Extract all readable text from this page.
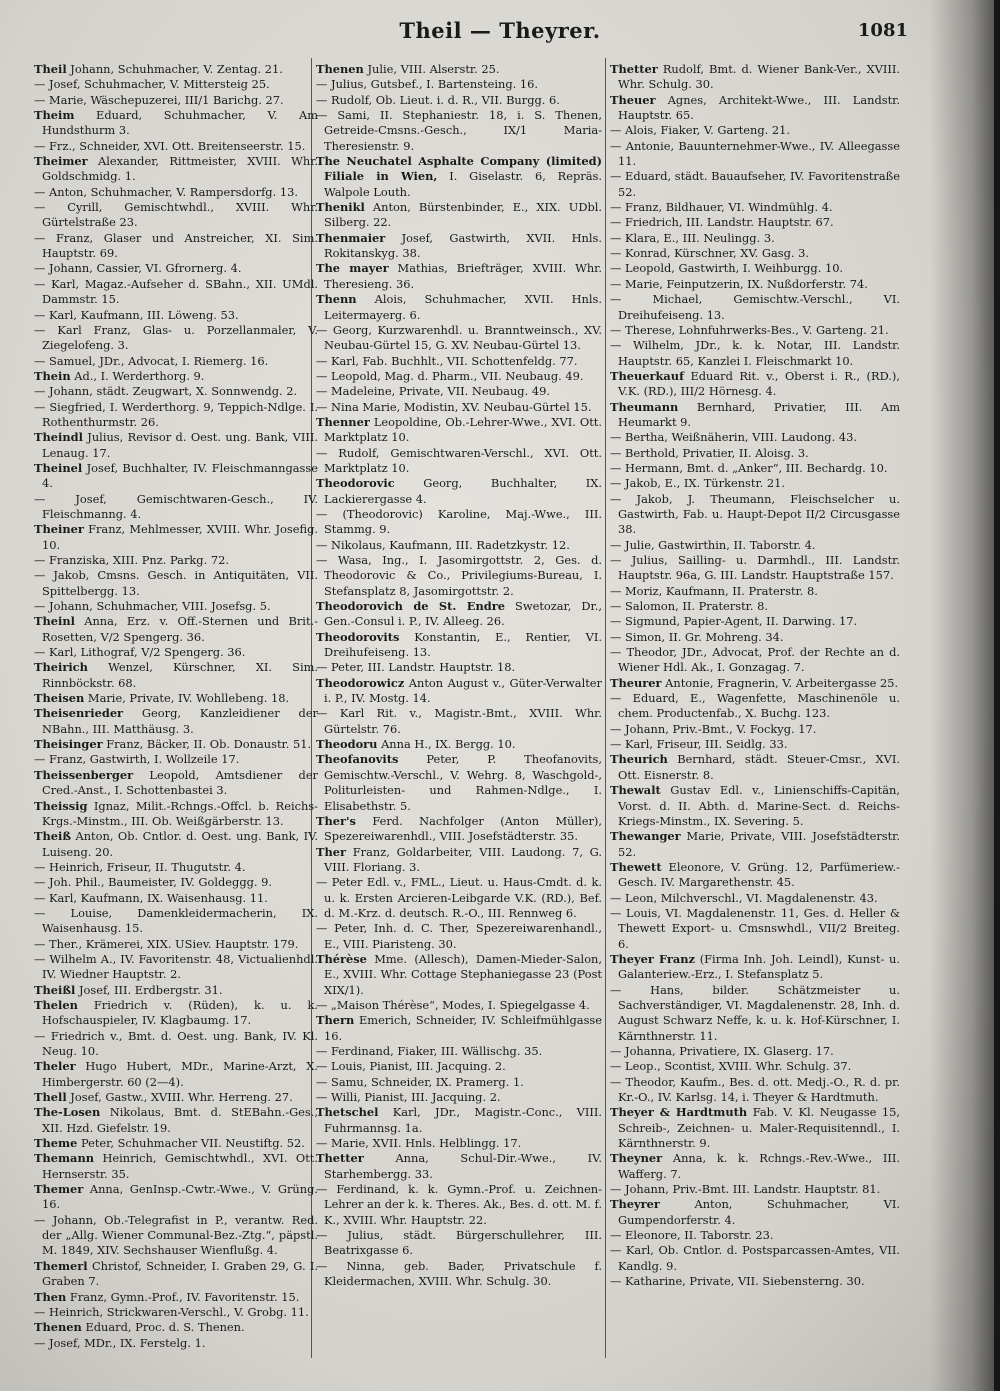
Theil — Theyrer.	1081

Theil Johann, Schuhmacher, V. Zentag. 21.

— Josef, Schuhmacher, V. Mittersteig 25.

— Marie, Wäschepuzerei, III/1 Barichg. 27.

Theim Eduard, Schuhmacher, V. Am Hundsthurm 3.

— Frz., Schneider, XVI. Ott. Breitenseerstr. 15.

Theimer Alexander, Rittmeister, XVIII. Whr. Goldschmidg. 1.

— Anton, Schuhmacher, V. Rampersdorfg. 13.

— Cyrill, Gemischtwhdl., XVIII. Whr. Gürtelstraße 23.

— Franz, Glaser und Anstreicher, XI. Sim. Hauptstr. 69.

— Johann, Cassier, VI. Gfrornerg. 4.

— Karl, Magaz.-Aufseher d. SBahn., XII. UMdl. Dammstr. 15.

— Karl, Kaufmann, III. Löweng. 53.

— Karl Franz, Glas- u. Porzellanmaler, V. Ziegelofeng. 3.

— Samuel, JDr., Advocat, I. Riemerg. 16.

Thein Ad., I. Werderthorg. 9.

— Johann, städt. Zeugwart, X. Sonnwendg. 2.

— Siegfried, I. Werderthorg. 9, Teppich-Ndlge. I. Rothenthurmstr. 26.

Theindl Julius, Revisor d. Oest. ung. Bank, VIII. Lenaug. 17.

Theinel Josef, Buchhalter, IV. Fleischmanngasse 4.

— Josef, Gemischtwaren-Gesch., IV. Fleischmanng. 4.

Theiner Franz, Mehlmesser, XVIII. Whr. Josefig. 10.

— Franziska, XIII. Pnz. Parkg. 72.

— Jakob, Cmsns. Gesch. in Antiquitäten, VII. Spittelbergg. 13.

— Johann, Schuhmacher, VIII. Josefsg. 5.

Theinl Anna, Erz. v. Off.-Sternen und Brit.-Rosetten, V/2 Spengerg. 36.

— Karl, Lithograf, V/2 Spengerg. 36.

Theirich Wenzel, Kürschner, XI. Sim. Rinnböckstr. 68.

Theisen Marie, Private, IV. Wohllebeng. 18.

Theisenrieder Georg, Kanzleidiener der NBahn., III. Matthäusg. 3.

Theisinger Franz, Bäcker, II. Ob. Donaustr. 51.

— Franz, Gastwirth, I. Wollzeile 17.

Theissenberger Leopold, Amtsdiener der Cred.-Anst., I. Schottenbastei 3.

Theissig Ignaz, Milit.-Rchngs.-Offcl. b. Reichs-Krgs.-Minstm., III. Ob. Weißgärberstr. 13.

Theiß Anton, Ob. Cntlor. d. Oest. ung. Bank, IV. Luiseng. 20.

— Heinrich, Friseur, II. Thugutstr. 4.

— Joh. Phil., Baumeister, IV. Goldeggg. 9.

— Karl, Kaufmann, IX. Waisenhausg. 11.

— Louise, Damenkleidermacherin, IX. Waisenhausg. 15.

— Ther., Krämerei, XIX. USiev. Hauptstr. 179.

— Wilhelm A., IV. Favoritenstr. 48, Victualienhdl. IV. Wiedner Hauptstr. 2.

Theißl Josef, III. Erdbergstr. 31.

Thelen Friedrich v. (Rüden), k. u. k. Hofschauspieler, IV. Klagbaumg. 17.

— Friedrich v., Bmt. d. Oest. ung. Bank, IV. Kl. Neug. 10.

Theler Hugo Hubert, MDr., Marine-Arzt, X. Himbergerstr. 60 (2—4).

Thell Josef, Gastw., XVIII. Whr. Herreng. 27.

The-Losen Nikolaus, Bmt. d. StEBahn.-Ges., XII. Hzd. Giefelstr. 19.

Theme Peter, Schuhmacher VII. Neustiftg. 52.

Themann Heinrich, Gemischtwhdl., XVI. Ott. Hernserstr. 35.

Themer Anna, GenInsp.-Cwtr.-Wwe., V. Grüng. 16.

— Johann, Ob.-Telegrafist in P., verantw. Red. der „Allg. Wiener Communal-Bez.-Ztg.“, päpstl. M. 1849, XIV. Sechshauser Wienflußg. 4.

Themerl Christof, Schneider, I. Graben 29, G. I. Graben 7.

Then Franz, Gymn.-Prof., IV. Favoritenstr. 15.

— Heinrich, Strickwaren-Verschl., V. Grobg. 11.

Thenen Eduard, Proc. d. S. Thenen.

— Josef, MDr., IX. Ferstelg. 1.

Thenen Julie, VIII. Alserstr. 25.

— Julius, Gutsbef., I. Bartensteing. 16.

— Rudolf, Ob. Lieut. i. d. R., VII. Burgg. 6.

— Sami, II. Stephaniestr. 18, i. S. Thenen, Getreide-Cmsns.-Gesch., IX/1 Maria-Theresienstr. 9.

The Neuchatel Asphalte Company (limited) Filiale in Wien, I. Giselastr. 6, Repräs. Walpole Louth.

Thenikl Anton, Bürstenbinder, E., XIX. UDbl. Silberg. 22.

Thenmaier Josef, Gastwirth, XVII. Hnls. Rokitanskyg. 38.

The mayer Mathias, Briefträger, XVIII. Whr. Theresieng. 36.

Thenn Alois, Schuhmacher, XVII. Hnls. Leitermayerg. 6.

— Georg, Kurzwarenhdl. u. Branntweinsch., XV. Neubau-Gürtel 15, G. XV. Neubau-Gürtel 13.

— Karl, Fab. Buchhlt., VII. Schottenfeldg. 77.

— Leopold, Mag. d. Pharm., VII. Neubaug. 49.

— Madeleine, Private, VII. Neubaug. 49.

— Nina Marie, Modistin, XV. Neubau-Gürtel 15.

Thenner Leopoldine, Ob.-Lehrer-Wwe., XVI. Ott. Marktplatz 10.

— Rudolf, Gemischtwaren-Verschl., XVI. Ott. Marktplatz 10.

Theodorovic	Georg, Buchhalter, IX. Lackierergasse 4.

— (Theodorovic) Karoline, Maj.-Wwe., III. Stammg. 9.

— Nikolaus, Kaufmann, III. Radetzkystr. 12.

— Wasa, Ing., I. Jasomirgottstr. 2, Ges. d. Theodorovic & Co., Privilegiums-Bureau, I. Stefansplatz 8, Jasomirgottstr. 2.

Theodorovich de St. Endre Swetozar, Dr., Gen.-Consul i. P., IV. Alleeg. 26.

Theodorovits Konstantin, E., Rentier, VI. Dreihufeiseng. 13.

— Peter, III. Landstr. Hauptstr. 18.

Theodorowicz Anton August v., Güter-Verwalter i. P., IV. Mostg. 14.

— Karl Rit. v., Magistr.-Bmt., XVIII. Whr. Gürtelstr. 76.

Theodoru Anna H., IX. Bergg. 10.

Theofanovits Peter, P. Theofanovits, Gemischtw.-Verschl., V. Wehrg. 8, Waschgold-, Politurleisten- und Rahmen-Ndlge., I. Elisabethstr. 5.

Ther's Ferd. Nachfolger (Anton Müller), Spezereiwarenhdl., VIII. Josefstädterstr. 35.

Ther Franz, Goldarbeiter, VIII. Laudong. 7, G. VIII. Floriang. 3.

— Peter Edl. v., FML., Lieut. u. Haus-Cmdt. d. k. u. k. Ersten Arcieren-Leibgarde V.K. (RD.), Bef. d. M.-Krz. d. deutsch. R.-O., III. Rennweg 6.

— Peter, Inh. d. C. Ther, Spezereiwarenhandl., E., VIII. Piaristeng. 30.

Thérèse Mme. (Allesch), Damen-Mieder-Salon, E., XVIII. Whr. Cottage Stephaniegasse 23 (Post XIX/1).

— „Maison Thérèse“, Modes, I. Spiegelgasse 4.

Thern Emerich, Schneider, IV. Schleifmühlgasse 16.

— Ferdinand, Fiaker, III. Wällischg. 35.

— Louis, Pianist, III. Jacquing. 2.

— Samu, Schneider, IX. Pramerg. 1.

— Willi, Pianist, III. Jacquing. 2.

Thetschel Karl, JDr., Magistr.-Conc., VIII. Fuhrmannsg. 1a.

— Marie, XVII. Hnls. Helblingg. 17.

Thetter	Anna, Schul-Dir.-Wwe., IV. Starhembergg. 33.

— Ferdinand, k. k. Gymn.-Prof. u. Zeichnen-Lehrer an der k. k. Theres. Ak., Bes. d. ott. M. f. K., XVIII. Whr. Hauptstr. 22.

— Julius, städt. Bürgerschullehrer, III. Beatrixgasse 6.

— Ninna, geb. Bader, Privatschule f. Kleidermachen, XVIII. Whr. Schulg. 30.

Thetter Rudolf, Bmt. d. Wiener Bank-Ver., XVIII. Whr. Schulg. 30.

Theuer Agnes, Architekt-Wwe., III. Landstr. Hauptstr. 65.

— Alois, Fiaker, V. Garteng. 21.

— Antonie, Bauunternehmer-Wwe., IV. Alleegasse 11.

— Eduard, städt. Bauaufseher, IV. Favoritenstraße 52.

— Franz, Bildhauer, VI. Windmühlg. 4.

— Friedrich, III. Landstr. Hauptstr. 67.

— Klara, E., III. Neulingg. 3.

— Konrad, Kürschner, XV. Gasg. 3.

— Leopold, Gastwirth, I. Weihburgg. 10.

— Marie, Feinputzerin, IX. Nußdorferstr. 74.

— Michael, Gemischtw.-Verschl., VI. Dreihufeiseng. 13.

— Therese, Lohnfuhrwerks-Bes., V. Garteng. 21.

— Wilhelm, JDr., k. k. Notar, III. Landstr. Hauptstr. 65, Kanzlei I. Fleischmarkt 10.

Theuerkauf Eduard Rit. v., Oberst i. R., (RD.), V.K. (RD.), III/2 Hörnesg. 4.

Theumann Bernhard, Privatier, III. Am Heumarkt 9.

— Bertha, Weißnäherin, VIII. Laudong. 43.

— Berthold, Privatier, II. Aloisg. 3.

— Hermann, Bmt. d. „Anker“, III. Bechardg. 10.

— Jakob, E., IX. Türkenstr. 21.

— Jakob, J. Theumann, Fleischselcher u. Gastwirth, Fab. u. Haupt-Depot II/2 Circusgasse 38.

— Julie, Gastwirthin, II. Taborstr. 4.

— Julius, Sailling- u. Darmhdl., III. Landstr. Hauptstr. 96a, G. III. Landstr. Hauptstraße 157.

— Moriz, Kaufmann, II. Praterstr. 8.

— Salomon, II. Praterstr. 8.

— Sigmund, Papier-Agent, II. Darwing. 17.

— Simon, II. Gr. Mohreng. 34.

— Theodor, JDr., Advocat, Prof. der Rechte an d. Wiener Hdl. Ak., I. Gonzagag. 7.

Theurer Antonie, Fragnerin, V. Arbeitergasse 25.

— Eduard, E., Wagenfette, Maschinenöle u. chem. Productenfab., X. Buchg. 123.

— Johann, Priv.-Bmt., V. Fockyg. 17.

— Karl, Friseur, III. Seidlg. 33.

Theurich Bernhard, städt. Steuer-Cmsr., XVI. Ott. Eisnerstr. 8.

Thewalt Gustav Edl. v., Linienschiffs-Capitän, Vorst. d. II. Abth. d. Marine-Sect. d. Reichs-Kriegs-Minstm., IX. Severing. 5.

Thewanger Marie, Private, VIII. Josefstädterstr. 52.

Thewett Eleonore, V. Grüng. 12, Parfümeriew.-Gesch. IV. Margarethenstr. 45.

— Leon, Milchverschl., VI. Magdalenenstr. 43.

— Louis, VI. Magdalenenstr. 11, Ges. d. Heller & Thewett Export- u. Cmsnswhdl., VII/2 Breiteg. 6.

Theyer Franz (Firma Inh. Joh. Leindl), Kunst- u. Galanteriew.-Erz., I. Stefansplatz 5.

— Hans, bilder. Schätzmeister u. Sachverständiger, VI. Magdalenenstr. 28, Inh. d. August Schwarz Neffe, k. u. k. Hof-Kürschner, I. Kärnthnerstr. 11.

— Johanna, Privatiere, IX. Glaserg. 17.

— Leop., Scontist, XVIII. Whr. Schulg. 37.

— Theodor, Kaufm., Bes. d. ott. Medj.-O., R. d. pr. Kr.-O., IV. Karlsg. 14, i. Theyer & Hardtmuth.

Theyer & Hardtmuth Fab. V. Kl. Neugasse 15, Schreib-, Zeichnen- u. Maler-Requisitenndl., I. Kärnthnerstr. 9.

Theyner Anna, k. k. Rchngs.-Rev.-Wwe., III. Wafferg. 7.

— Johann, Priv.-Bmt. III. Landstr. Hauptstr. 81.

Theyrer	Anton, Schuhmacher, VI. Gumpendorferstr. 4.

— Eleonore, II. Taborstr. 23.

— Karl, Ob. Cntlor. d. Postsparcassen-Amtes, VII. Kandlg. 9.

— Katharine, Private, VII. Siebensterng. 30.
